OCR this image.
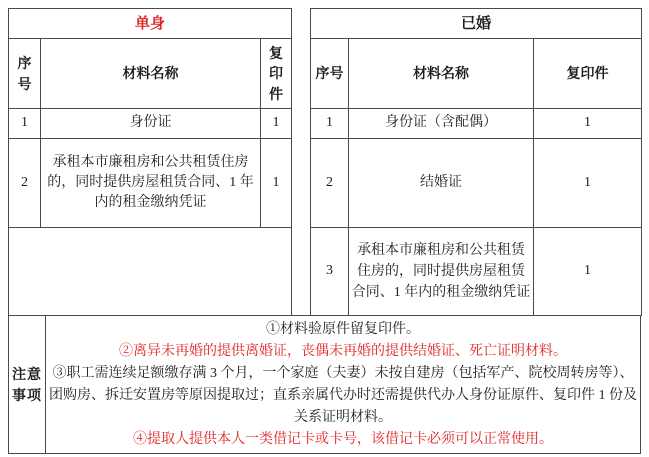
单身		
序号	材料名称	复印件
1	身份证	1
2	承租本市廉租房和公共租赁住房的，同时提供房屋租赁合同、1 年内的租金缴纳凭证	1

已婚		
序号	材料名称	复印件
1	身份证（含配偶）	1
2	结婚证	1
3	承租本市廉租房和公共租赁住房的，同时提供房屋租赁合同、1 年内的租金缴纳凭证	1
注意事项	
①材料验原件留复印件。
②离异未再婚的提供离婚证，丧偶未再婚的提供结婚证、死亡证明材料。
③职工需连续足额缴存满 3 个月，一个家庭（夫妻）未按自建房（包括军产、院校周转房等）、团购房、拆迁安置房等原因提取过；直系亲属代办时还需提供代办人身份证原件、复印件 1 份及关系证明材料。
④提取人提供本人一类借记卡或卡号，该借记卡必须可以正常使用。
